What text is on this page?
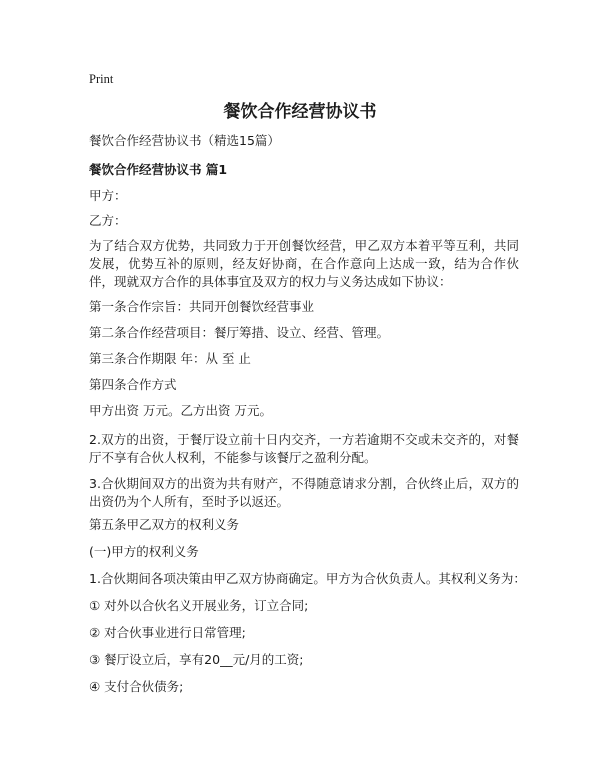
Print
餐饮合作经营协议书
餐饮合作经营协议书（精选15篇）
餐饮合作经营协议书 篇1
甲方：
乙方：
为了结合双方优势，共同致力于开创餐饮经营，甲乙双方本着平等互利，共同发展，优势互补的原则，经友好协商，在合作意向上达成一致，结为合作伙伴，现就双方合作的具体事宜及双方的权力与义务达成如下协议：
第一条合作宗旨：共同开创餐饮经营事业
第二条合作经营项目：餐厅筹措、设立、经营、管理。
第三条合作期限 年：从 至 止
第四条合作方式
甲方出资 万元。乙方出资 万元。
2.双方的出资，于餐厅设立前十日内交齐，一方若逾期不交或未交齐的，对餐厅不享有合伙人权利，不能参与该餐厅之盈利分配。
3.合伙期间双方的出资为共有财产，不得随意请求分割，合伙终止后，双方的出资仍为个人所有，至时予以返还。
第五条甲乙双方的权利义务
(一)甲方的权利义务
1.合伙期间各项决策由甲乙双方协商确定。甲方为合伙负责人。其权利义务为：
① 对外以合伙名义开展业务，订立合同;
② 对合伙事业进行日常管理;
③ 餐厅设立后，享有20__元/月的工资;
④ 支付合伙债务;
